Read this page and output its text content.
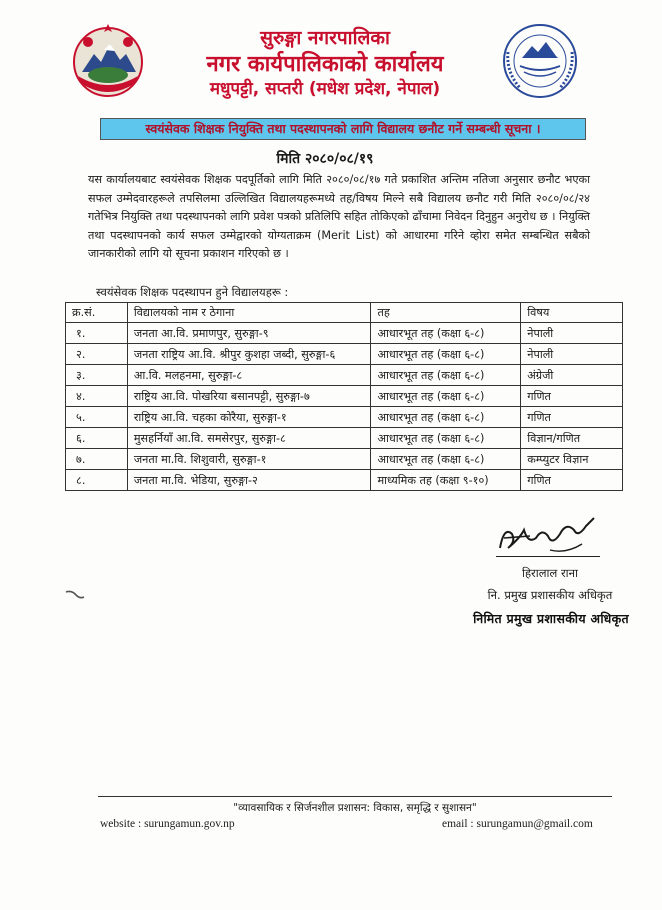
सुरुङ्गा नगरपालिका
नगर कार्यपालिकाको कार्यालय
मधुपट्टी, सप्तरी (मधेश प्रदेश, नेपाल)
स्वयंसेवक शिक्षक नियुक्ति तथा पदस्थापनको लागि विद्यालय छनौट गर्ने सम्बन्धी सूचना ।
मिति २०८०/०८/१९
यस कार्यालयबाट स्वयंसेवक शिक्षक पदपूर्तिको लागि मिति २०८०/०८/१७ गते प्रकाशित अन्तिम नतिजा अनुसार छनौट भएका सफल उम्मेदवारहरूले तपसिलमा उल्लिखित विद्यालयहरूमध्ये तह/विषय मिल्ने सबै विद्यालय छनौट गरी मिति २०८०/०८/२४ गतेभित्र नियुक्ति तथा पदस्थापनको लागि प्रवेश पत्रको प्रतिलिपि सहित तोकिएको ढाँचामा निवेदन दिनुहुन अनुरोध छ । नियुक्ति तथा पदस्थापनको कार्य सफल उम्मेद्वारको योग्यताक्रम (Merit List) को आधारमा गरिने व्होरा समेत सम्बन्धित सबैको जानकारीको लागि यो सूचना प्रकाशन गरिएको छ ।
स्वयंसेवक शिक्षक पदस्थापन हुने विद्यालयहरू :
क्र.सं.	विद्यालयको नाम र ठेगाना	तह	विषय
१.	जनता आ.वि. प्रमाणपुर, सुरुङ्गा-९	आधारभूत तह (कक्षा ६-८)	नेपाली
२.	जनता राष्ट्रिय आ.वि. श्रीपुर कुशहा जब्दी, सुरुङ्गा-६	आधारभूत तह (कक्षा ६-८)	नेपाली
३.	आ.वि. मलहनमा, सुरुङ्गा-८	आधारभूत तह (कक्षा ६-८)	अंग्रेजी
४.	राष्ट्रिय आ.वि. पोखरिया बसानपट्टी, सुरुङ्गा-७	आधारभूत तह (कक्षा ६-८)	गणित
५.	राष्ट्रिय आ.वि. चहका कोरैया, सुरुङ्गा-१	आधारभूत तह (कक्षा ६-८)	गणित
६.	मुसहर्नियाँ आ.वि. समसेरपुर, सुरुङ्गा-८	आधारभूत तह (कक्षा ६-८)	विज्ञान/गणित
७.	जनता मा.वि. शिशुवारी, सुरुङ्गा-१	आधारभूत तह (कक्षा ६-८)	कम्प्युटर विज्ञान
८.	जनता मा.वि. भेडिया, सुरुङ्गा-२	माध्यमिक तह (कक्षा ९-१०)	गणित
हिरालाल राना
नि. प्रमुख प्रशासकीय अधिकृत
निमित प्रमुख प्रशासकीय अधिकृत
"व्यावसायिक र सिर्जनशील प्रशासन: विकास, समृद्धि र सुशासन"
website : surungamun.gov.np	email : surungamun@gmail.com
